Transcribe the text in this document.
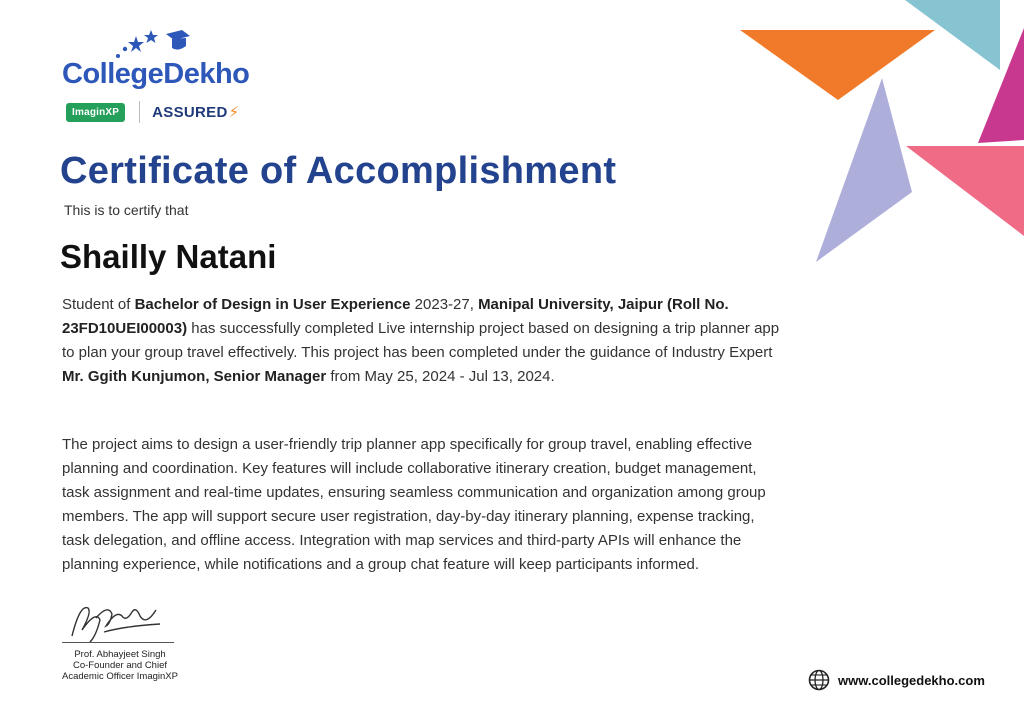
CollegeDekho
ImaginXP	ASSURED ⚡
Certificate of Accomplishment
This is to certify that
Shailly Natani
Student of Bachelor of Design in User Experience 2023-27, Manipal University, Jaipur (Roll No. 23FD10UEI00003) has successfully completed Live internship project based on designing a trip planner app to plan your group travel effectively. This project has been completed under the guidance of Industry Expert Mr. Ggith Kunjumon, Senior Manager from May 25, 2024 - Jul 13, 2024.
The project aims to design a user-friendly trip planner app specifically for group travel, enabling effective planning and coordination. Key features will include collaborative itinerary creation, budget management, task assignment and real-time updates, ensuring seamless communication and organization among group members. The app will support secure user registration, day-by-day itinerary planning, expense tracking, task delegation, and offline access. Integration with map services and third-party APIs will enhance the planning experience, while notifications and a group chat feature will keep participants informed.
Prof. Abhayjeet Singh
Co-Founder and Chief
Academic Officer ImaginXP	www.collegedekho.com
